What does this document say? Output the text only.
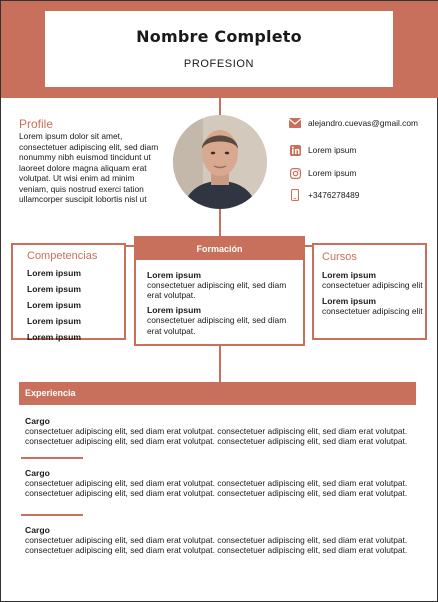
Nombre Completo
PROFESION
Profile
Lorem ipsum dolor sit amet,
consectetuer adipiscing elit, sed diam
nonummy nibh euismod tincidunt ut
laoreet dolore magna aliquam erat
volutpat. Ut wisi enim ad minim
veniam, quis nostrud exerci tation
ullamcorper suscipit lobortis nisl ut
alejandro.cuevas@gmail.com
Lorem ipsum
Lorem ipsum
+3476278489
Competencias
Lorem ipsum
Lorem ipsum
Lorem ipsum
Lorem ipsum
Lorem ipsum
Formación
Lorem ipsum
consectetuer adipiscing elit, sed diam
erat volutpat.
Lorem ipsum
consectetuer adipiscing elit, sed diam
erat volutpat.
Cursos
Lorem ipsum
consectetuer adipiscing elit
Lorem ipsum
consectetuer adipiscing elit
Experiencia
Cargo
consectetuer adipiscing elit, sed diam erat volutpat. consectetuer adipiscing elit, sed diam erat volutpat.
consectetuer adipiscing elit, sed diam erat volutpat. consectetuer adipiscing elit, sed diam erat volutpat.
Cargo
consectetuer adipiscing elit, sed diam erat volutpat. consectetuer adipiscing elit, sed diam erat volutpat.
consectetuer adipiscing elit, sed diam erat volutpat. consectetuer adipiscing elit, sed diam erat volutpat.
Cargo
consectetuer adipiscing elit, sed diam erat volutpat. consectetuer adipiscing elit, sed diam erat volutpat.
consectetuer adipiscing elit, sed diam erat volutpat. consectetuer adipiscing elit, sed diam erat volutpat.
